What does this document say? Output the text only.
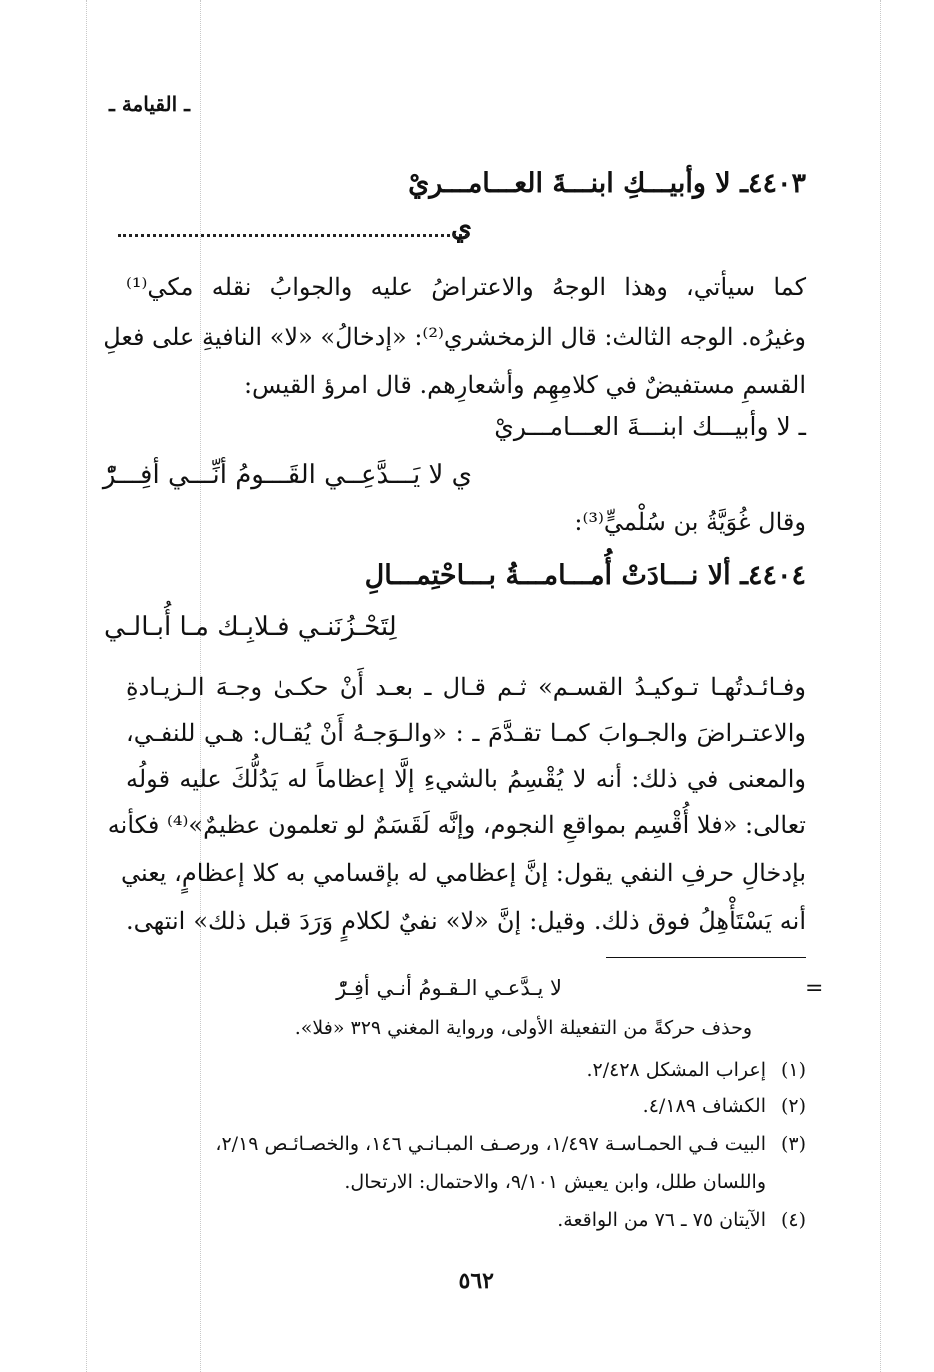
ـ القيامة ـ
٤٤٠٣ـ لا وأبيـــكِ ابنـــةَ العـــامـــريْ
ي
كما سيأتي، وهذا الوجهُ والاعتراضُ عليه والجوابُ نقله مكي⁽¹⁾
وغيرُه. الوجه الثالث: قال الزمخشري⁽²⁾: «إدخالُ» «لا» النافيةِ على فعلِ
القسمِ مستفيضٌ في كلامِهِم وأشعارِهم. قال امرؤ القيس:
ـ لا وأبيـــك ابنـــةَ العـــامـــريْ
ي لا يَـــدَّعِــي القَـــومُ أنِّـــي أفِـــرّْ
وقال غُوَيَّةُ بن سُلْميٍّ⁽³⁾:
٤٤٠٤ـ ألا نـــادَتْ أُمـــامـــةُ بـــاحْتِمـــالِ
لِتَحْـزُنَنـي فـلابِـك مـا أُبـالـي
وفـائـدتُهـا تـوكيـدُ القسـم» ثـم قـال ـ بعـد أَنْ حكـىٰ وجـهَ الـزيـادةِ
والاعتـراضَ والجـوابَ كمـا تقـدَّمَ ـ : «والـوَجـهُ أَنْ يُقـال: هـي للنفـي،
والمعنى في ذلك: أنه لا يُقْسِمُ بالشيءِ إلَّا إعظاماً له يَدُلُّكَ عليه قولُه
تعالى: «فلا أُقْسِم بمواقعِ النجوم، وإنَّه لَقَسَمٌ لو تعلمون عظيمٌ»⁽⁴⁾ فكأنه
بإدخالِ حرفِ النفي يقول: إنَّ إعظامي له بإقسامي به كلا إعظامٍ، يعني
أنه يَسْتَأْهِلُ فوق ذلك. وقيل: إنَّ «لا» نفيٌ لكلامٍ وَرَدَ قبل ذلك» انتهى.
=
لا يـدَّعـي الـقـومُ أنـي أفِـرّْ
وحذف حركةً من التفعيلة الأولى، ورواية المغني ٣٢٩ «فلا».
(١)إعراب المشكل ٢/٤٢٨.
(٢)الكشاف ٤/١٨٩.
(٣)البيت فـي الحمـاسـة ١/٤٩٧، ورصـف المبـانـي ١٤٦، والخصـائـص ٢/١٩،
واللسان طلل، وابن يعيش ٩/١٠١، والاحتمال: الارتحال.
(٤)الآيتان ٧٥ ـ ٧٦ من الواقعة.
٥٦٢
